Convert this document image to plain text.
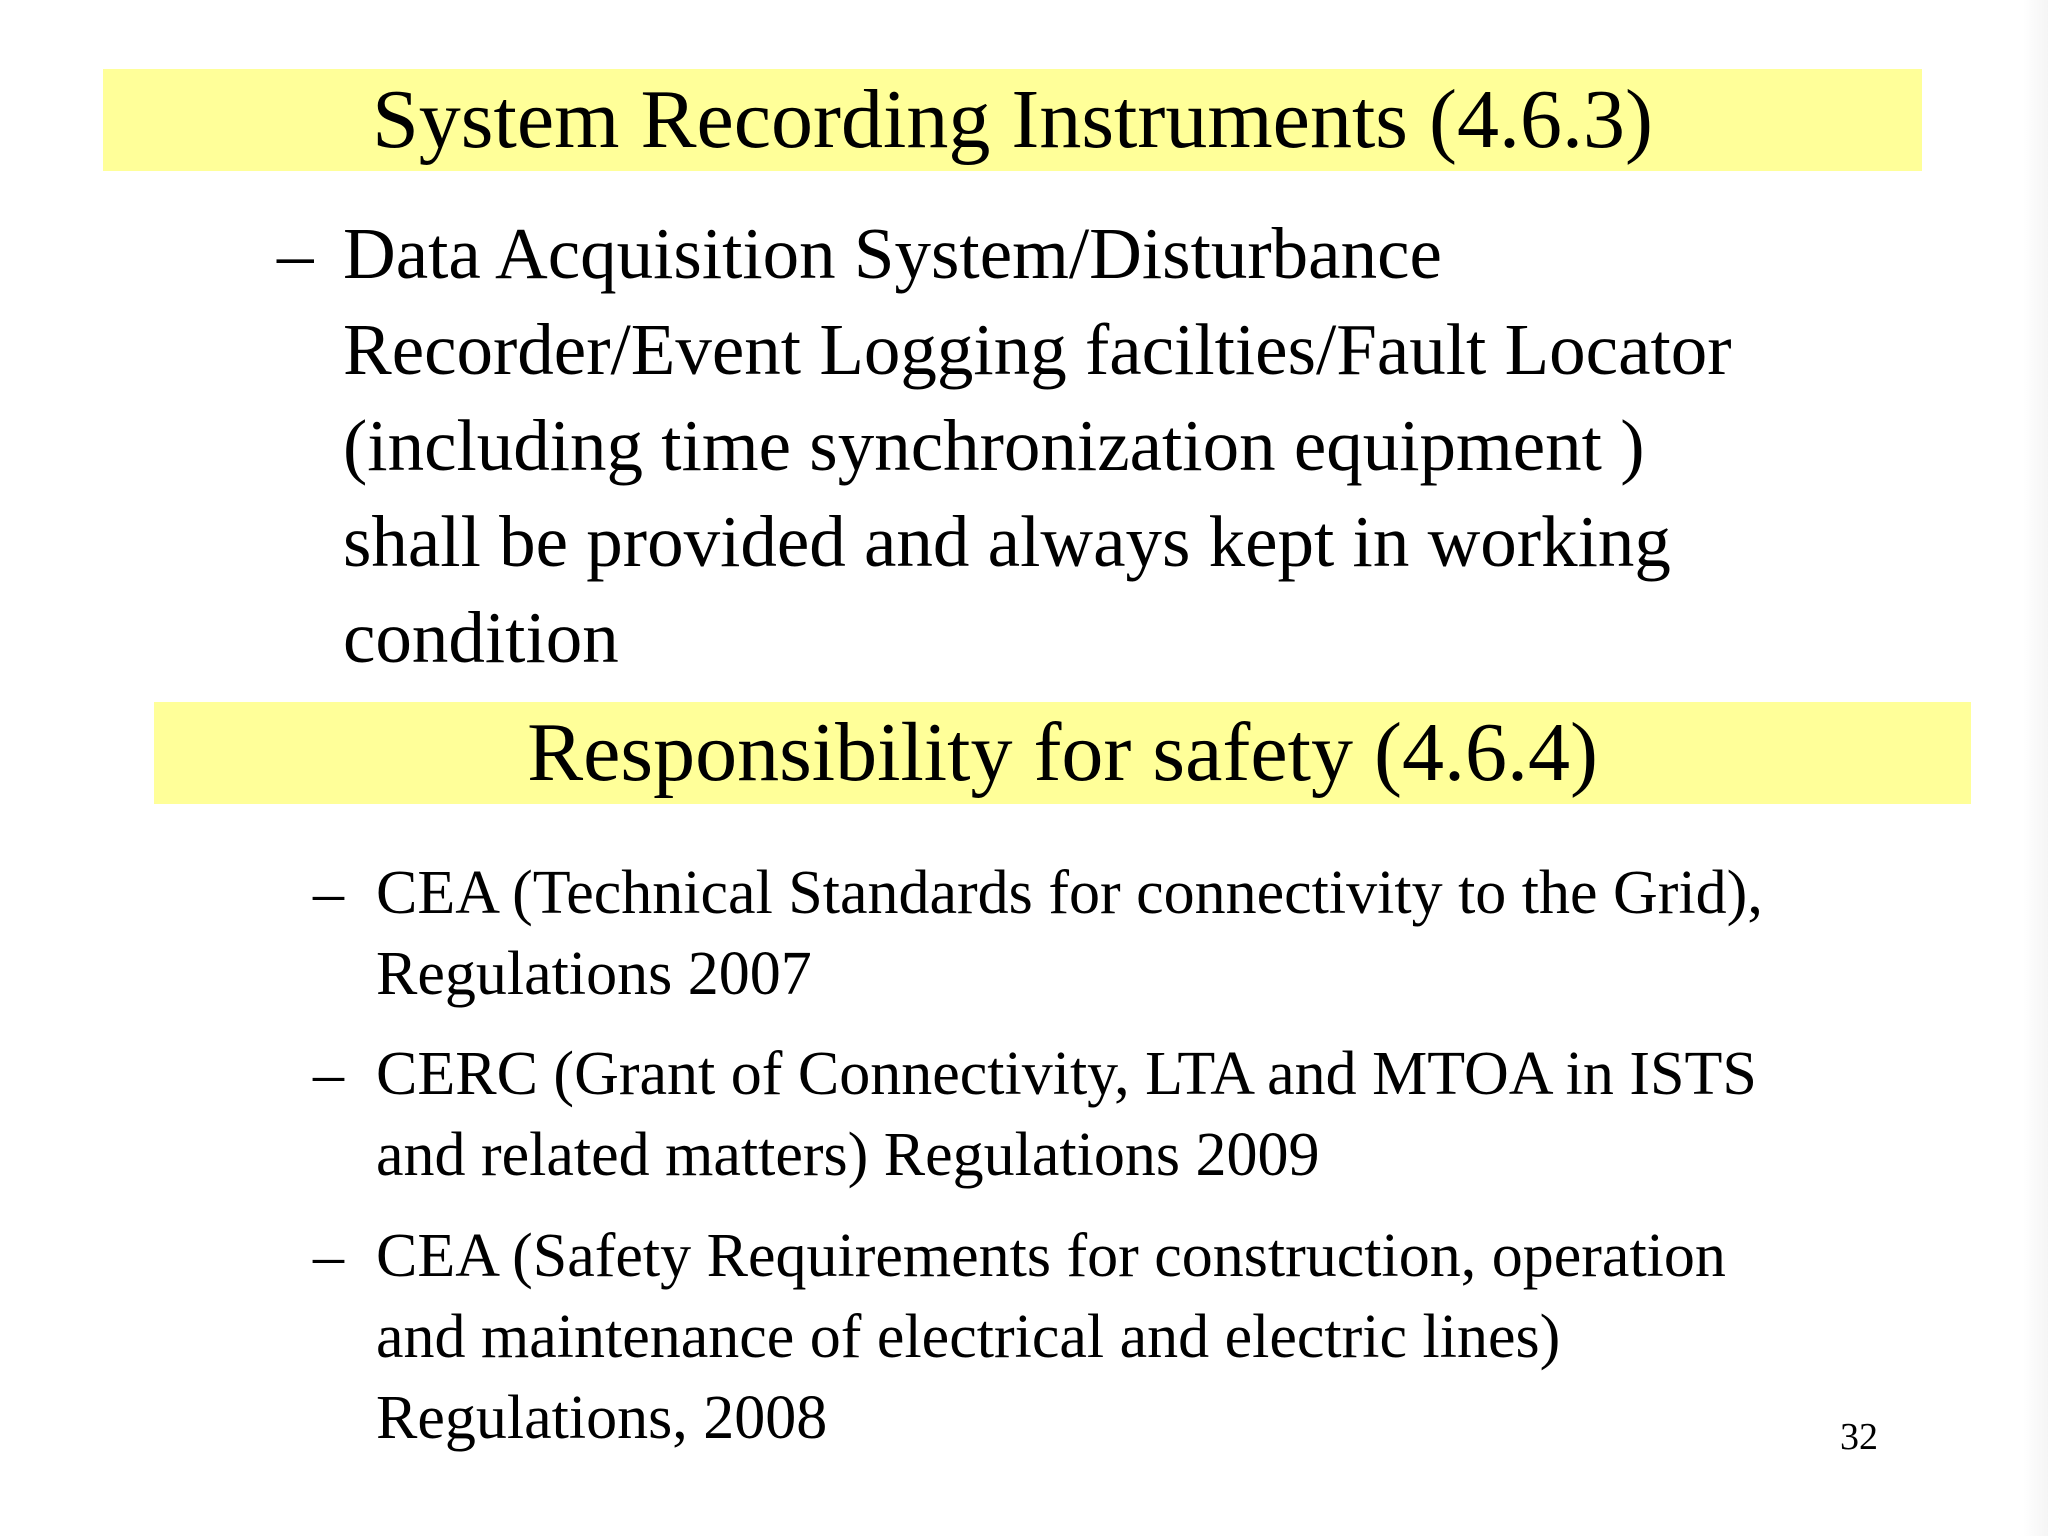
System Recording Instruments (4.6.3)
– Data Acquisition System/Disturbance
Recorder/Event Logging facilties/Fault Locator
(including time synchronization equipment )
shall be provided and always kept in working
condition
Responsibility for safety (4.6.4)
– CEA (Technical Standards for connectivity to the Grid),
Regulations 2007
– CERC (Grant of Connectivity, LTA and MTOA in ISTS
and related matters) Regulations 2009
– CEA (Safety Requirements for construction, operation
and maintenance of electrical and electric lines)
Regulations, 2008	32
